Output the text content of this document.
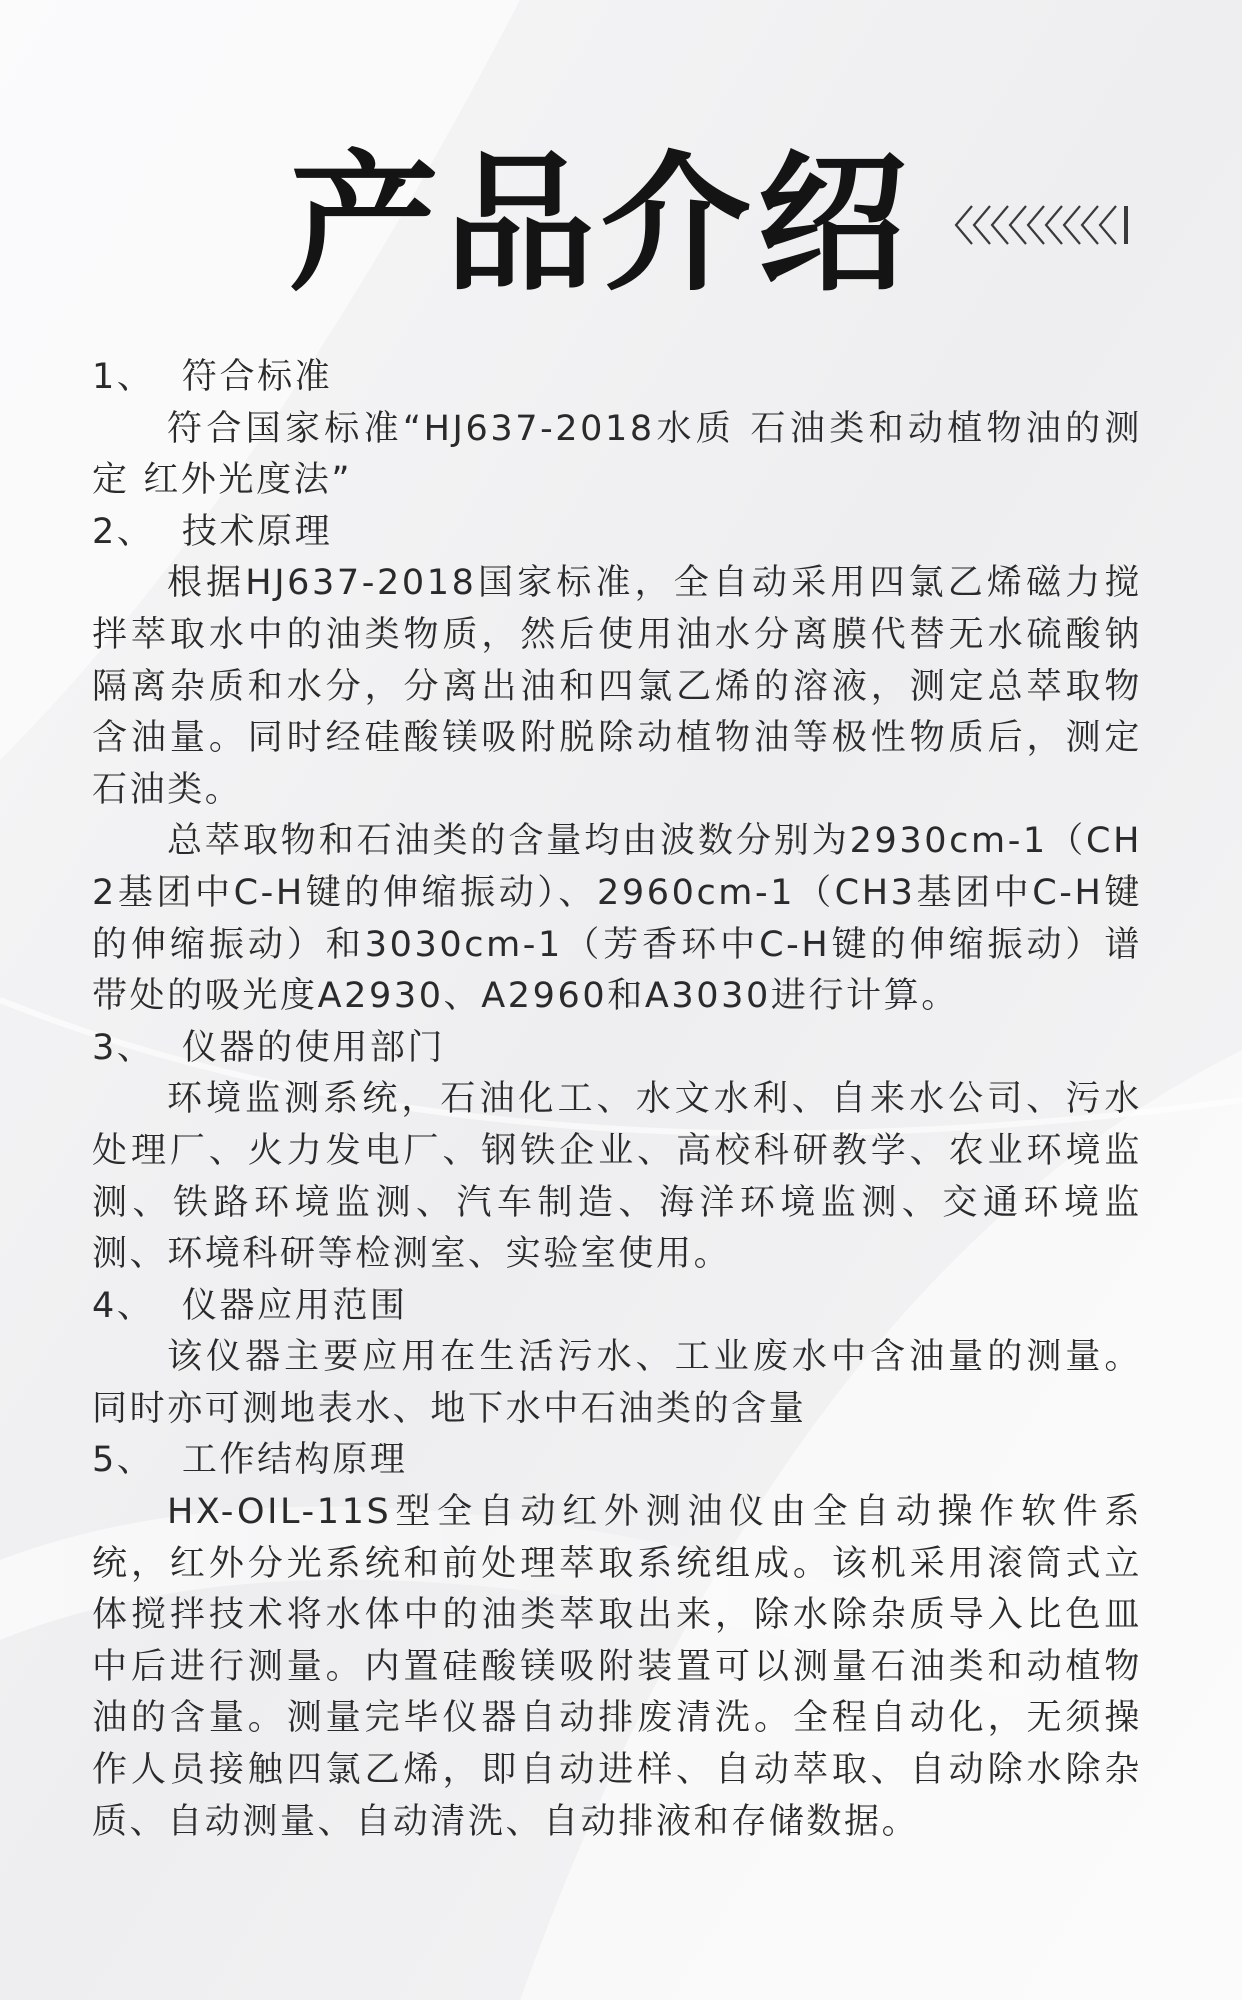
产品介绍

1、  符合标准

符合国家标准“HJ637-2018水质 石油类和动植物油的测定 红外光度法”

2、  技术原理

根据HJ637-2018国家标准，全自动采用四氯乙烯磁力搅拌萃取水中的油类物质，然后使用油水分离膜代替无水硫酸钠隔离杂质和水分，分离出油和四氯乙烯的溶液，测定总萃取物含油量。同时经硅酸镁吸附脱除动植物油等极性物质后，测定石油类。

总萃取物和石油类的含量均由波数分别为2930cm-1（CH2基团中C-H键的伸缩振动）、2960cm-1（CH3基团中C-H键的伸缩振动）和3030cm-1（芳香环中C-H键的伸缩振动）谱带处的吸光度A2930、A2960和A3030进行计算。

3、  仪器的使用部门

环境监测系统，石油化工、水文水利、自来水公司、污水处理厂、火力发电厂、钢铁企业、高校科研教学、农业环境监测、铁路环境监测、汽车制造、海洋环境监测、交通环境监测、环境科研等检测室、实验室使用。

4、  仪器应用范围

该仪器主要应用在生活污水、工业废水中含油量的测量。同时亦可测地表水、地下水中石油类的含量

5、  工作结构原理

HX-OIL-11S型全自动红外测油仪由全自动操作软件系统，红外分光系统和前处理萃取系统组成。该机采用滚筒式立体搅拌技术将水体中的油类萃取出来，除水除杂质导入比色皿中后进行测量。内置硅酸镁吸附装置可以测量石油类和动植物油的含量。测量完毕仪器自动排废清洗。全程自动化，无须操作人员接触四氯乙烯，即自动进样、自动萃取、自动除水除杂质、自动测量、自动清洗、自动排液和存储数据。
